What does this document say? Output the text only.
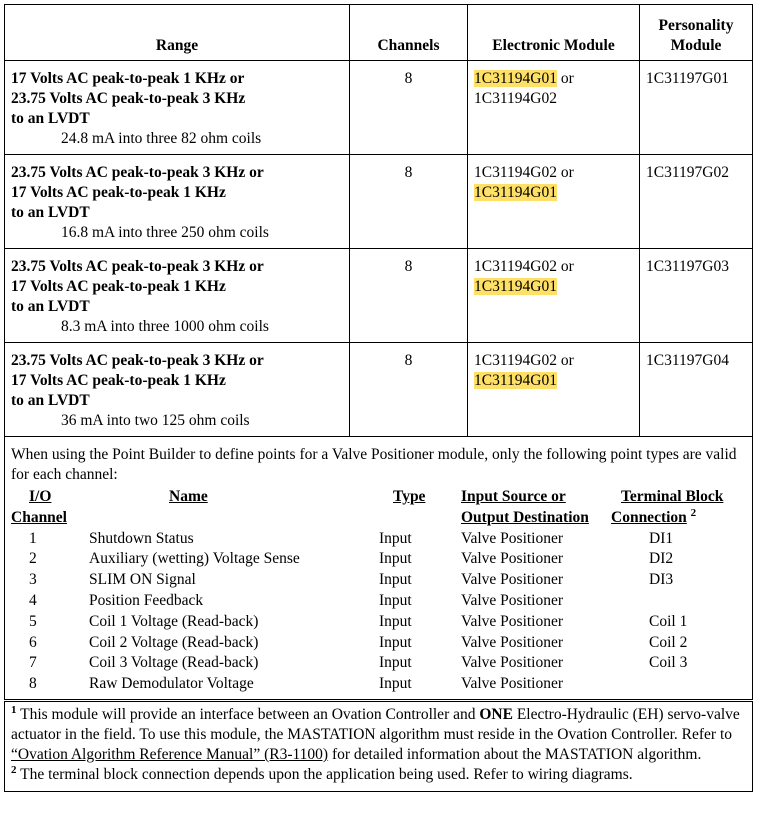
Range	Channels	Electronic Module	Personality
Module

17 Volts AC peak-to-peak 1 KHz or
23.75 Volts AC peak-to-peak 3 KHz
to an LVDT
24.8 mA into three 82 ohm coils
	8	1C31194G01 or
1C31194G02	1C31197G01

23.75 Volts AC peak-to-peak 3 KHz or
17 Volts AC peak-to-peak 1 KHz
to an LVDT
16.8 mA into three 250 ohm coils
	8	1C31194G02 or
1C31194G01	1C31197G02

23.75 Volts AC peak-to-peak 3 KHz or
17 Volts AC peak-to-peak 1 KHz
to an LVDT
8.3 mA into three 1000 ohm coils
	8	1C31194G02 or
1C31194G01	1C31197G03

23.75 Volts AC peak-to-peak 3 KHz or
17 Volts AC peak-to-peak 1 KHz
to an LVDT
36 mA into two 125 ohm coils
	8	1C31194G02 or
1C31194G01	1C31197G04

When using the Point Builder to define points for a Valve Positioner module, only the following point types are valid for each channel:

I/O
Channel	Name	Type	Input Source or
Output Destination	Terminal Block
Connection $^2$
1	Shutdown Status	Input	Valve Positioner	DI1
2	Auxiliary (wetting) Voltage Sense	Input	Valve Positioner	DI2
3	SLIM ON Signal	Input	Valve Positioner	DI3
4	Position Feedback	Input	Valve Positioner	
5	Coil 1 Voltage (Read-back)	Input	Valve Positioner	Coil 1
6	Coil 2 Voltage (Read-back)	Input	Valve Positioner	Coil 2
7	Coil 3 Voltage (Read-back)	Input	Valve Positioner	Coil 3
8	Raw Demodulator Voltage	Input	Valve Positioner	

$^1$ This module will provide an interface between an Ovation Controller and ONE Electro-Hydraulic (EH) servo-valve actuator in the field. To use this module, the MASTATION algorithm must reside in the Ovation Controller. Refer to “Ovation Algorithm Reference Manual” (R3-1100) for detailed information about the MASTATION algorithm.

$^2$ The terminal block connection depends upon the application being used. Refer to wiring diagrams.
